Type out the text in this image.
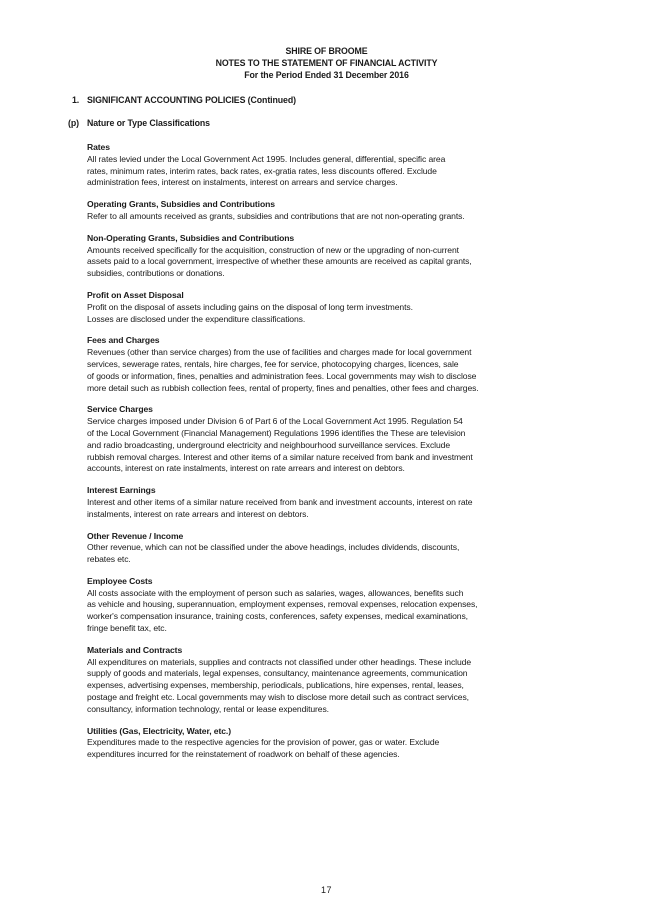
SHIRE OF BROOME
NOTES TO THE STATEMENT OF FINANCIAL ACTIVITY
For the Period Ended 31 December 2016
1. SIGNIFICANT ACCOUNTING POLICIES (Continued)
(p) Nature or Type Classifications
Rates
All rates levied under the Local Government Act 1995. Includes general, differential, specific area
rates, minimum rates, interim rates, back rates, ex-gratia rates, less discounts offered. Exclude
administration fees, interest on instalments, interest on arrears and service charges.
Operating Grants, Subsidies and Contributions
Refer to all amounts received as grants, subsidies and contributions that are not non-operating grants.
Non-Operating Grants, Subsidies and Contributions
Amounts received specifically for the acquisition, construction of new or the upgrading of non-current
assets paid to a local government, irrespective of whether these amounts are received as capital grants,
subsidies, contributions or donations.
Profit on Asset Disposal
Profit on the disposal of assets including gains on the disposal of long term investments.
Losses are disclosed under the expenditure classifications.
Fees and Charges
Revenues (other than service charges) from the use of facilities and charges made for local government
services, sewerage rates, rentals, hire charges, fee for service, photocopying charges, licences, sale
of goods or information, fines, penalties and administration fees. Local governments may wish to disclose
more detail such as rubbish collection fees, rental of property, fines and penalties, other fees and charges.
Service Charges
Service charges imposed under Division 6 of Part 6 of the Local Government Act 1995. Regulation 54
of the Local Government (Financial Management) Regulations 1996 identifies the These are television
and radio broadcasting, underground electricity and neighbourhood surveillance services. Exclude
rubbish removal charges. Interest and other items of a similar nature received from bank and investment
accounts, interest on rate instalments, interest on rate arrears and interest on debtors.
Interest Earnings
Interest and other items of a similar nature received from bank and investment accounts, interest on rate
instalments, interest on rate arrears and interest on debtors.
Other Revenue / Income
Other revenue, which can not be classified under the above headings, includes dividends, discounts,
rebates etc.
Employee Costs
All costs associate with the employment of person such as salaries, wages, allowances, benefits such
as vehicle and housing, superannuation, employment expenses, removal expenses, relocation expenses,
worker's compensation insurance, training costs, conferences, safety expenses, medical examinations,
fringe benefit tax, etc.
Materials and Contracts
All expenditures on materials, supplies and contracts not classified under other headings. These include
supply of goods and materials, legal expenses, consultancy, maintenance agreements, communication
expenses, advertising expenses, membership, periodicals, publications, hire expenses, rental, leases,
postage and freight etc. Local governments may wish to disclose more detail such as contract services,
consultancy, information technology, rental or lease expenditures.
Utilities (Gas, Electricity, Water, etc.)
Expenditures made to the respective agencies for the provision of power, gas or water. Exclude
expenditures incurred for the reinstatement of roadwork on behalf of these agencies.
17
